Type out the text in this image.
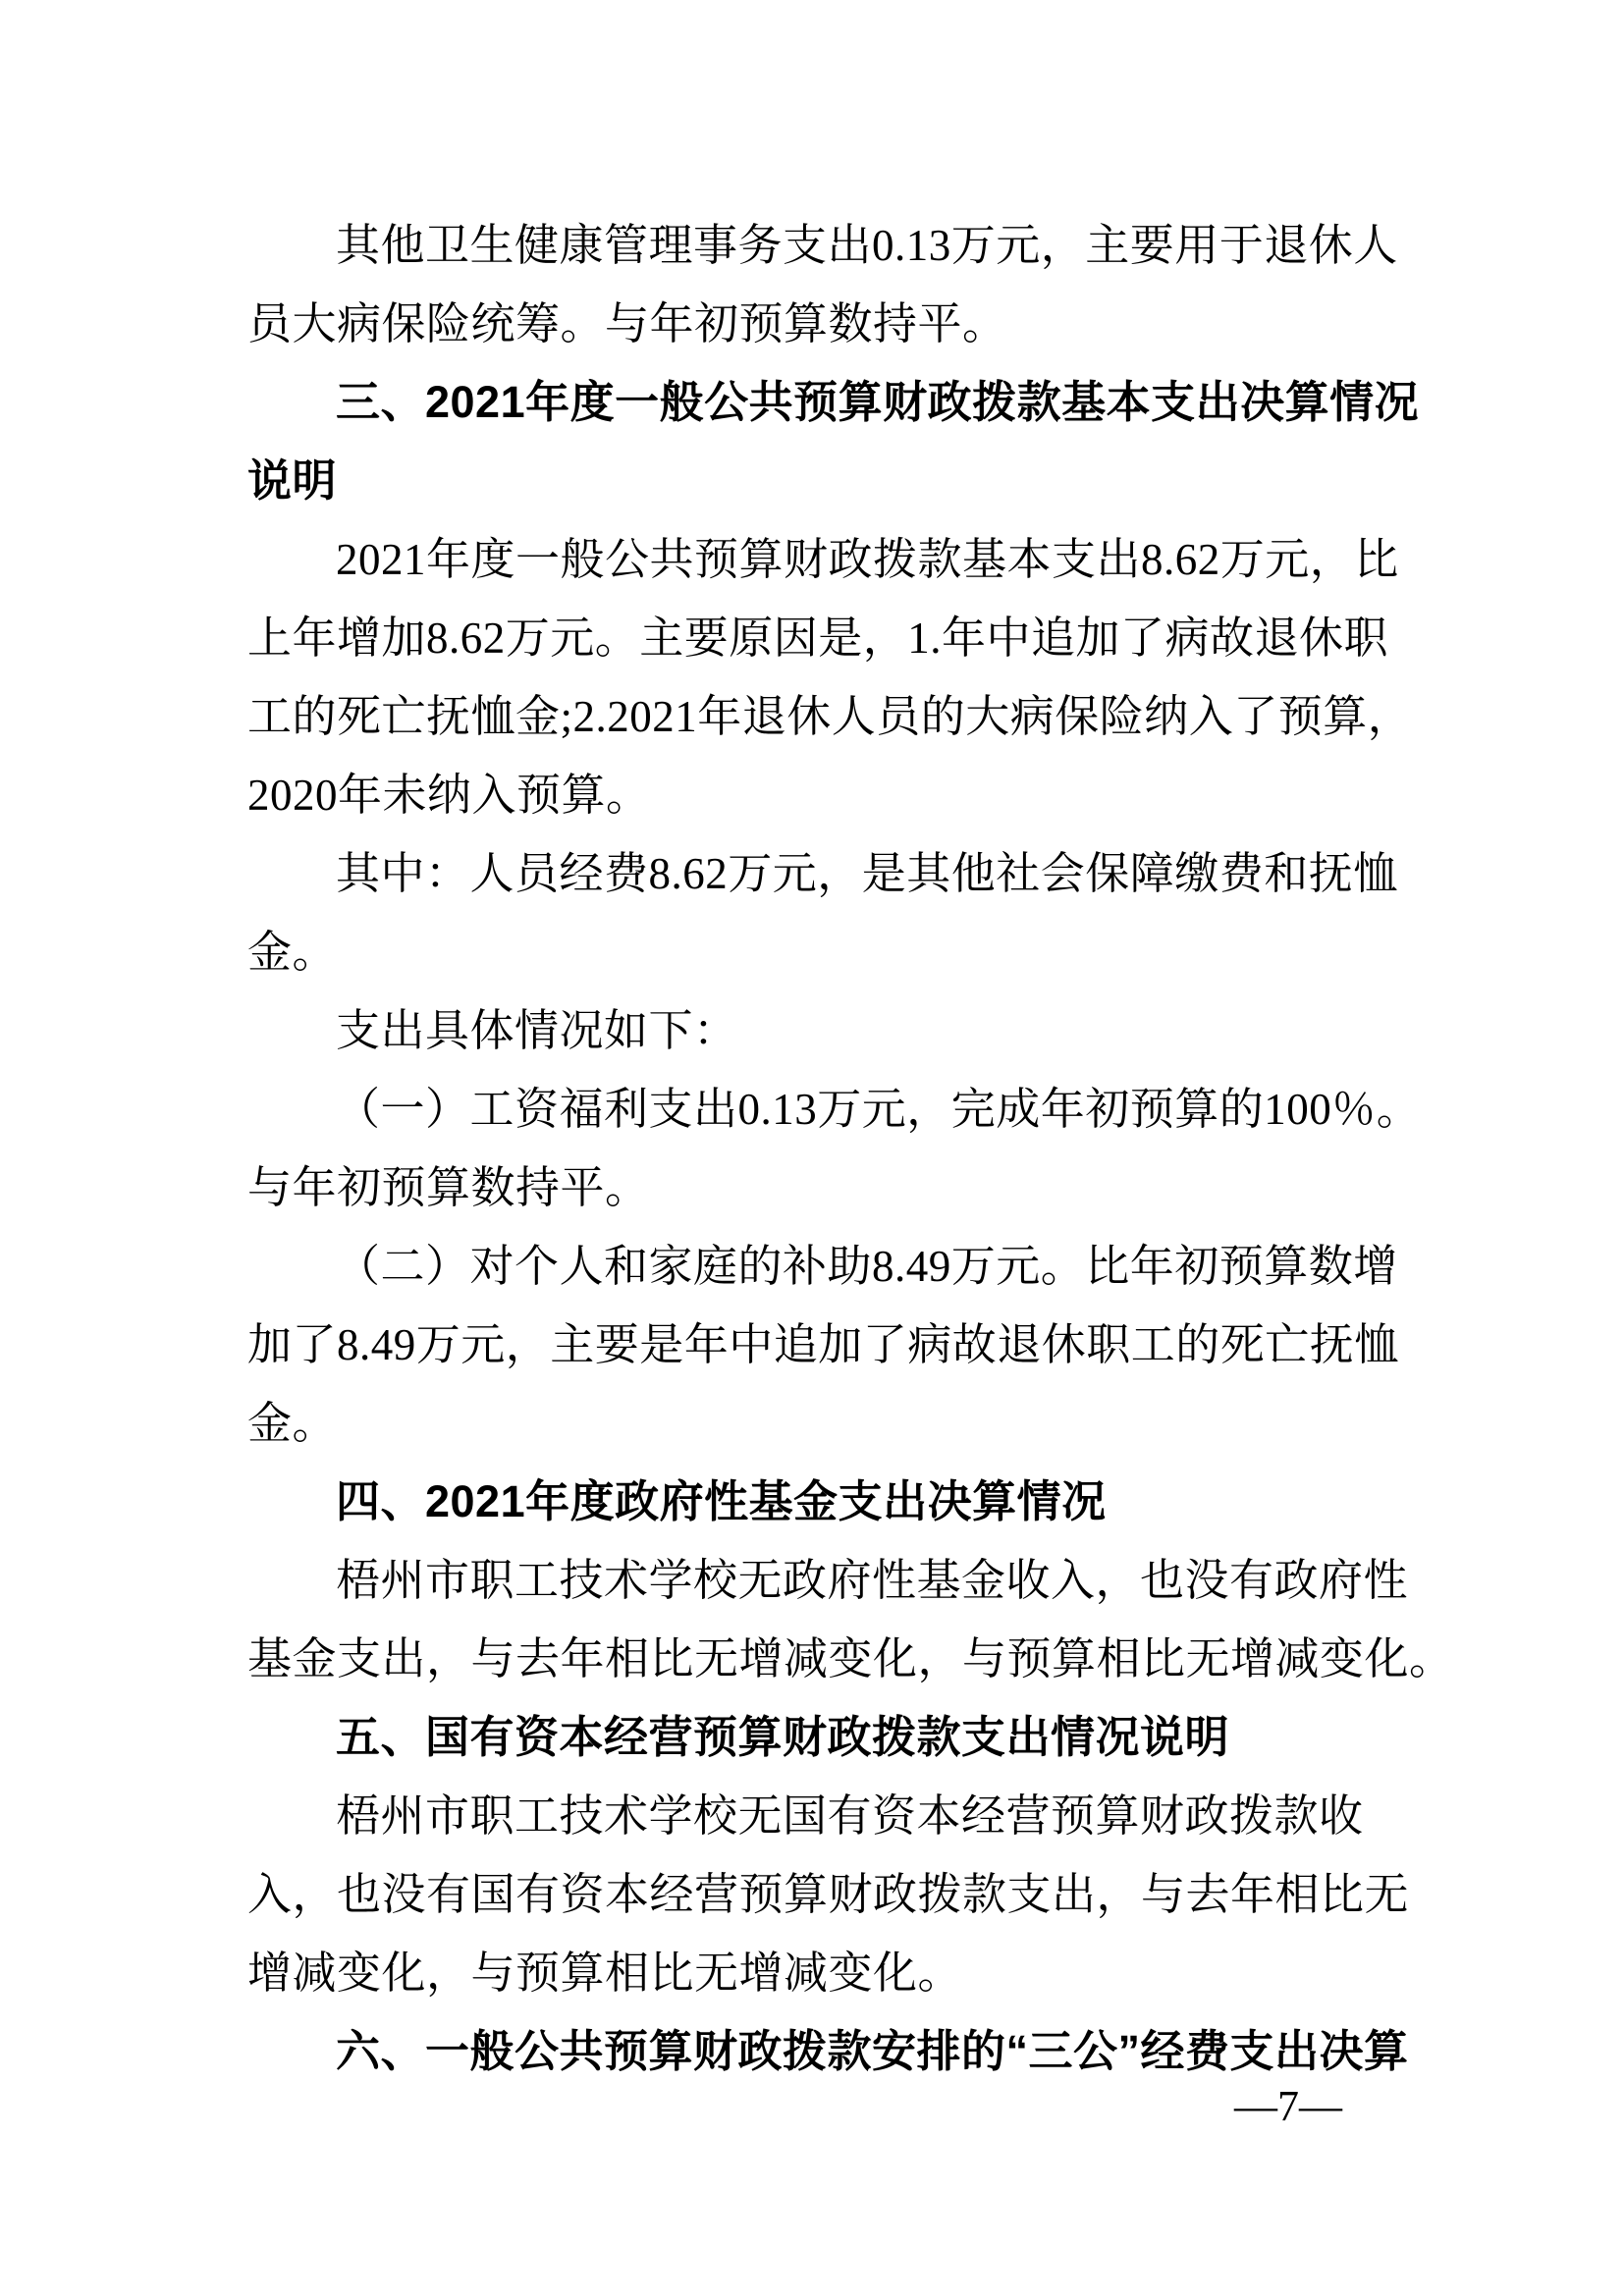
其他卫生健康管理事务支出0.13万元，主要用于退休人
员大病保险统筹。与年初预算数持平。
三、2021年度一般公共预算财政拨款基本支出决算情况
说明
2021年度一般公共预算财政拨款基本支出8.62万元，比
上年增加8.62万元。主要原因是，1.年中追加了病故退休职
工的死亡抚恤金;2.2021年退休人员的大病保险纳入了预算，
2020年未纳入预算。
其中：人员经费8.62万元，是其他社会保障缴费和抚恤
金。
支出具体情况如下：
（一）工资福利支出0.13万元，完成年初预算的100％。
与年初预算数持平。
（二）对个人和家庭的补助8.49万元。比年初预算数增
加了8.49万元，主要是年中追加了病故退休职工的死亡抚恤
金。
四、2021年度政府性基金支出决算情况
梧州市职工技术学校无政府性基金收入，也没有政府性
基金支出，与去年相比无增减变化，与预算相比无增减变化。
五、国有资本经营预算财政拨款支出情况说明
梧州市职工技术学校无国有资本经营预算财政拨款收
入，也没有国有资本经营预算财政拨款支出，与去年相比无
增减变化，与预算相比无增减变化。
六、一般公共预算财政拨款安排的“三公”经费支出决算
—7—
